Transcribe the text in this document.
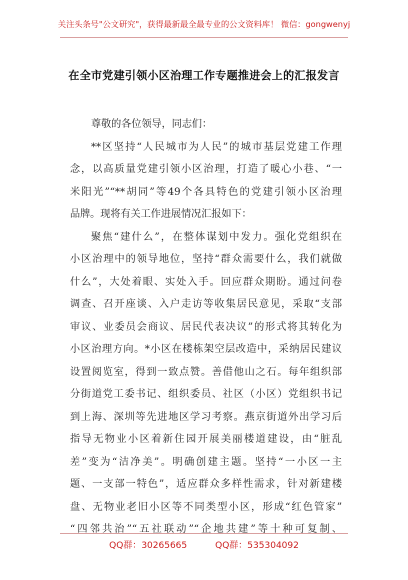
关注头条号"公文研究"，获得最新最全最专业的公文资料库！ 微信：gongwenyj
在全市党建引领小区治理工作专题推进会上的汇报发言
尊敬的各位领导，同志们：
**区坚持“人民城市为人民”的城市基层党建工作理
念，以高质量党建引领小区治理，打造了暖心小巷、“一
米阳光”“**胡同”等49个各具特色的党建引领小区治理
品牌。现将有关工作进展情况汇报如下：
聚焦“建什么”，在整体谋划中发力。强化党组织在
小区治理中的领导地位，坚持“群众需要什么，我们就做
什么”，大处着眼、实处入手。回应群众期盼。通过问卷
调查、召开座谈、入户走访等收集居民意见，采取“支部
审议、业委员会商议、居民代表决议”的形式将其转化为
小区治理方向。*小区在楼栋架空层改造中，采纳居民建议
设置阅览室，得到一致点赞。善借他山之石。每年组织部
分街道党工委书记、组织委员、社区（小区）党组织书记
到上海、深圳等先进地区学习考察。燕京街道外出学习后
指导无物业小区着新住园开展美丽楼道建设，由“脏乱
差”变为“洁净美”。明确创建主题。坚持“一小区一主
题、一支部一特色”，适应群众多样性需求，针对新建楼
盘、无物业老旧小区等不同类型小区，形成“红色管家”
“四邻共治”“五社联动”“企地共建”等十种可复制、
QQ群：30265665	QQ群：535304092
